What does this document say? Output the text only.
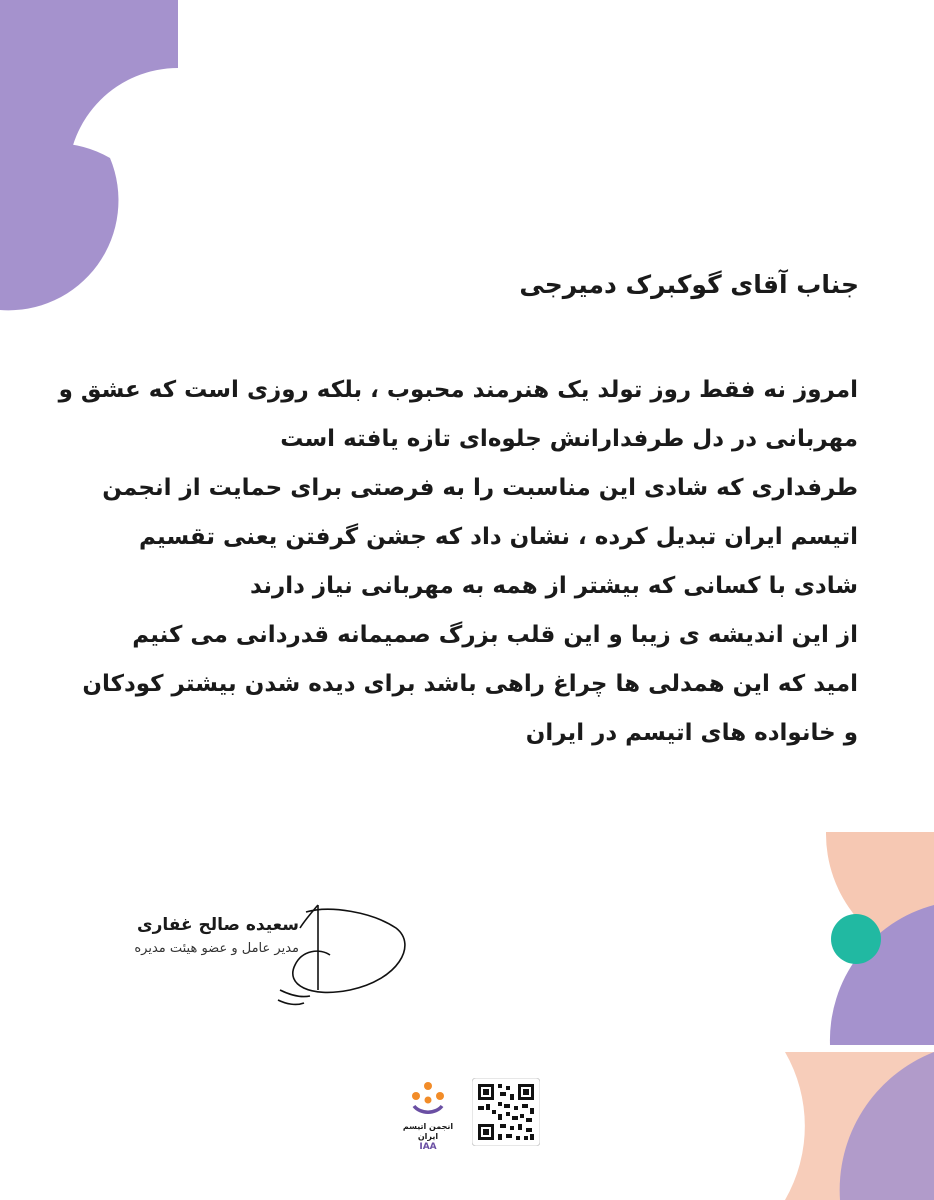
جناب آقای گوکبرک دمیرجی

امروز نه فقط روز تولد یک هنرمند محبوب ، بلکه روزی است که عشق و

مهربانی در دل طرفدارانش جلوه‌ای تازه یافته است

طرفداری که شادی این مناسبت را به فرصتی برای حمایت از انجمن

اتیسم ایران تبدیل کرده ، نشان داد که جشن گرفتن یعنی تقسیم

شادی با کسانی که بیشتر از همه به مهربانی نیاز دارند

از این اندیشه ی زیبا و این قلب بزرگ صمیمانه قدردانی می کنیم

امید که این همدلی ها چراغ راهی باشد برای دیده شدن بیشتر کودکان

و خانواده های اتیسم در ایران

سعیده صالح غفاری

مدیر عامل و عضو هیئت مدیره

انجمن اتیسم ایران

IAA
